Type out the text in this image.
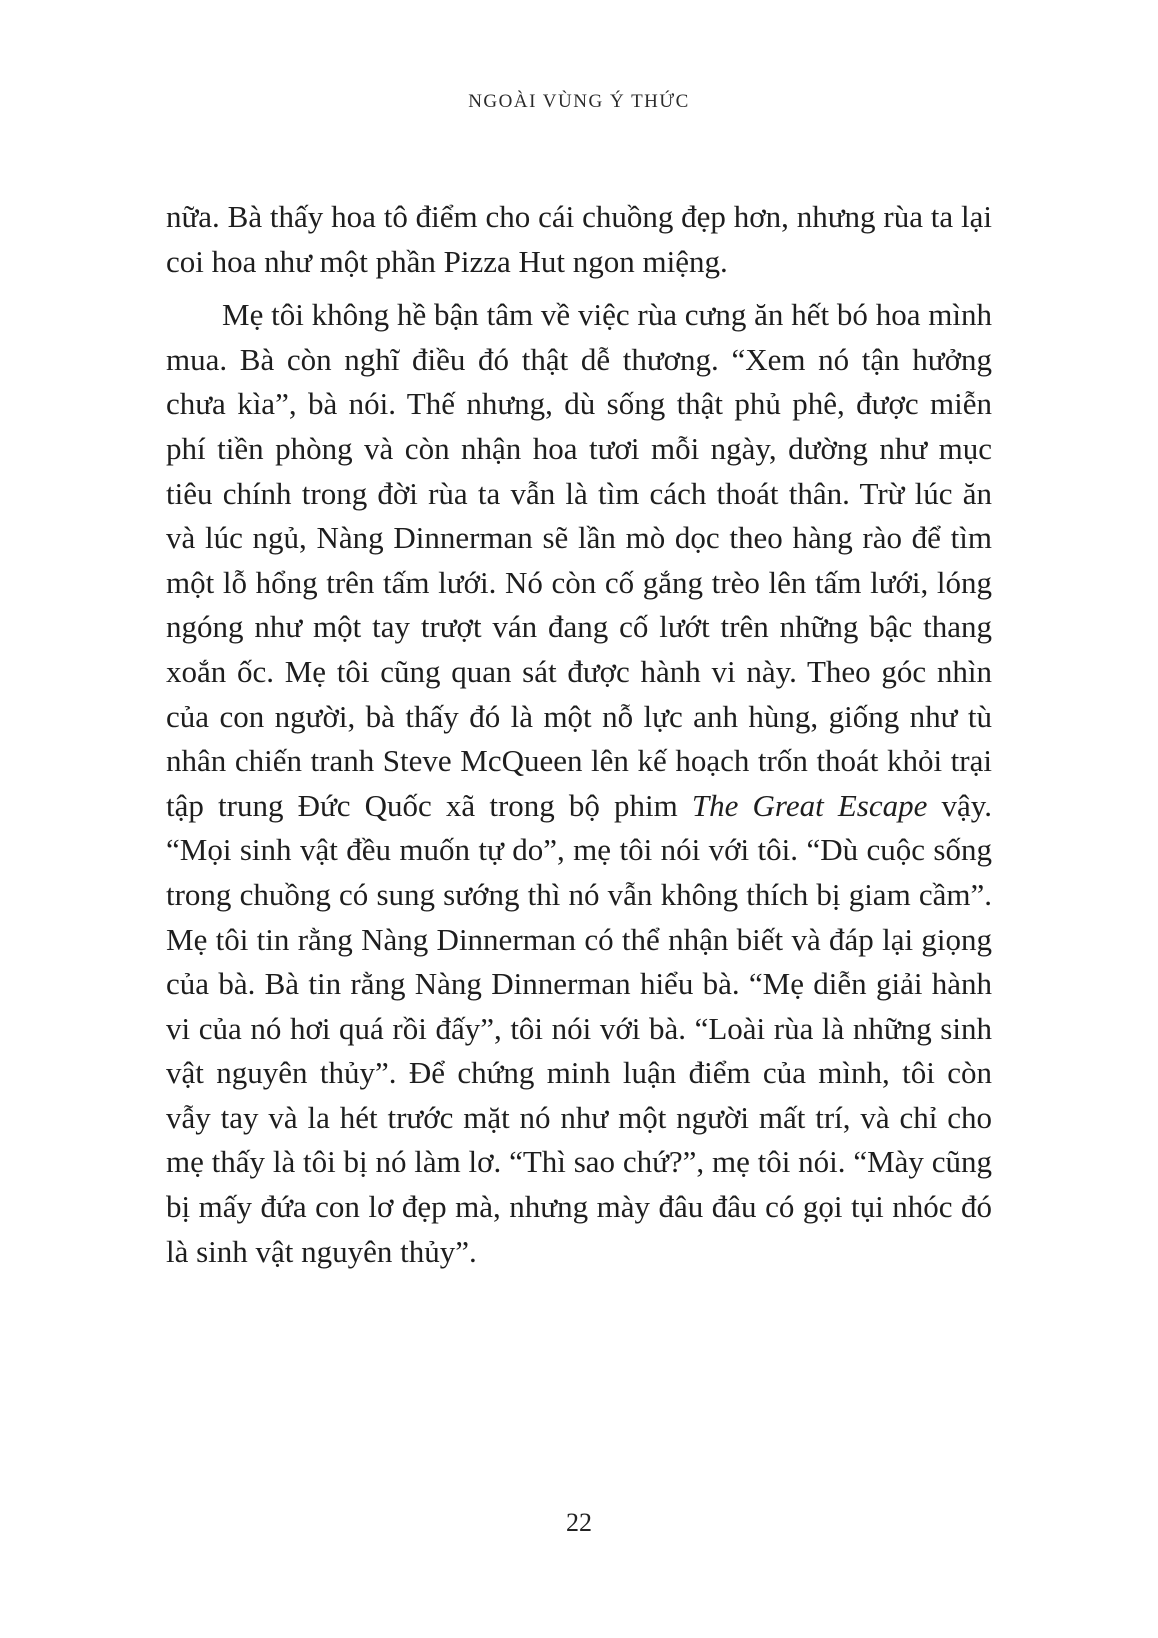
NGOÀI VÙNG Ý THỨC

nữa. Bà thấy hoa tô điểm cho cái chuồng đẹp hơn, nhưng rùa ta lại coi hoa như một phần Pizza Hut ngon miệng.

Mẹ tôi không hề bận tâm về việc rùa cưng ăn hết bó hoa mình mua. Bà còn nghĩ điều đó thật dễ thương. “Xem nó tận hưởng chưa kìa”, bà nói. Thế nhưng, dù sống thật phủ phê, được miễn phí tiền phòng và còn nhận hoa tươi mỗi ngày, dường như mục tiêu chính trong đời rùa ta vẫn là tìm cách thoát thân. Trừ lúc ăn và lúc ngủ, Nàng Dinnerman sẽ lần mò dọc theo hàng rào để tìm một lỗ hổng trên tấm lưới. Nó còn cố gắng trèo lên tấm lưới, lóng ngóng như một tay trượt ván đang cố lướt trên những bậc thang xoắn ốc. Mẹ tôi cũng quan sát được hành vi này. Theo góc nhìn của con người, bà thấy đó là một nỗ lực anh hùng, giống như tù nhân chiến tranh Steve McQueen lên kế hoạch trốn thoát khỏi trại tập trung Đức Quốc xã trong bộ phim The Great Escape vậy. “Mọi sinh vật đều muốn tự do”, mẹ tôi nói với tôi. “Dù cuộc sống trong chuồng có sung sướng thì nó vẫn không thích bị giam cầm”. Mẹ tôi tin rằng Nàng Dinnerman có thể nhận biết và đáp lại giọng của bà. Bà tin rằng Nàng Dinnerman hiểu bà. “Mẹ diễn giải hành vi của nó hơi quá rồi đấy”, tôi nói với bà. “Loài rùa là những sinh vật nguyên thủy”. Để chứng minh luận điểm của mình, tôi còn vẫy tay và la hét trước mặt nó như một người mất trí, và chỉ cho mẹ thấy là tôi bị nó làm lơ. “Thì sao chứ?”, mẹ tôi nói. “Mày cũng bị mấy đứa con lơ đẹp mà, nhưng mày đâu đâu có gọi tụi nhóc đó là sinh vật nguyên thủy”.

22
